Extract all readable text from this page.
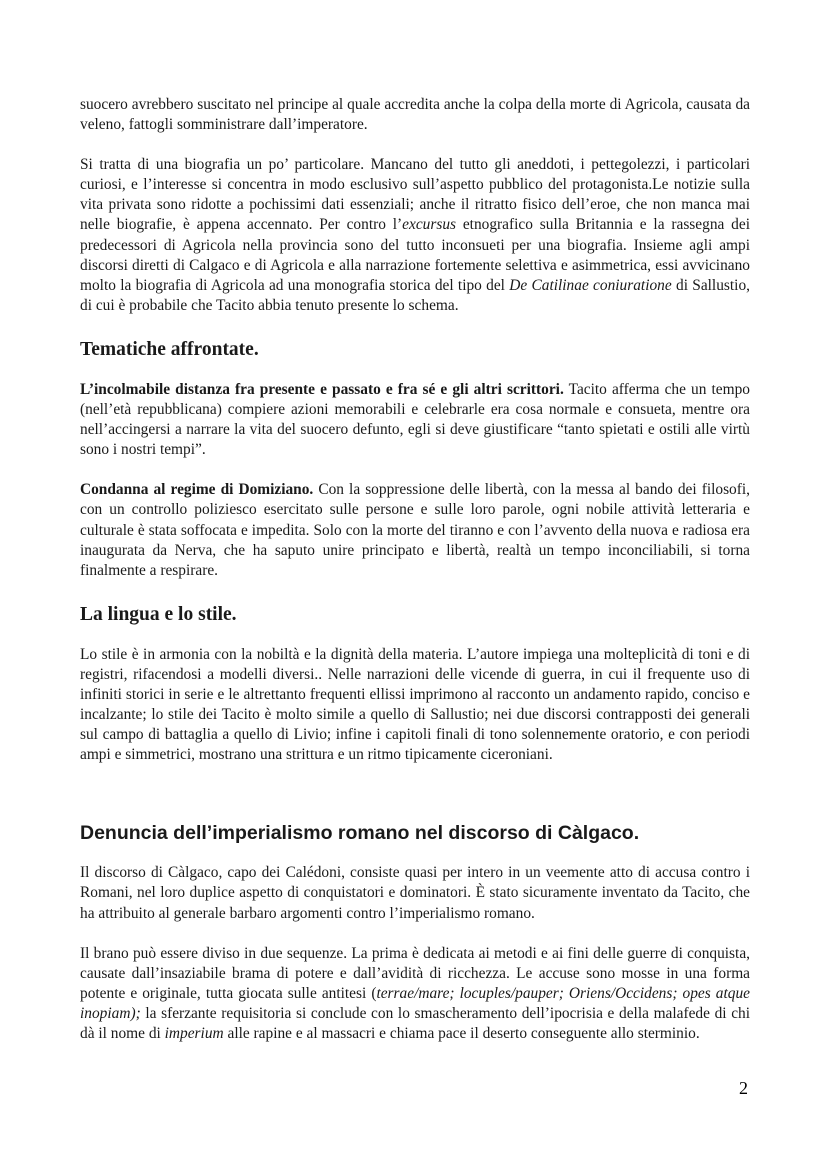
suocero avrebbero suscitato nel principe al quale accredita anche la colpa della morte di Agricola, causata da veleno, fattogli somministrare dall’imperatore.

Si tratta di una biografia un po’ particolare. Mancano del tutto gli aneddoti, i pettegolezzi, i particolari curiosi, e l’interesse si concentra in modo esclusivo sull’aspetto pubblico del protagonista.Le notizie sulla vita privata sono ridotte a pochissimi dati essenziali; anche il ritratto fisico dell’eroe, che non manca mai nelle biografie, è appena accennato. Per contro l’excursus etnografico sulla Britannia e la rassegna dei predecessori di Agricola nella provincia sono del tutto inconsueti per una biografia. Insieme agli ampi discorsi diretti di Calgaco e di Agricola e alla narrazione fortemente selettiva e asimmetrica, essi avvicinano molto la biografia di Agricola ad una monografia storica del tipo del De Catilinae coniuratione di Sallustio, di cui è probabile che Tacito abbia tenuto presente lo schema.

Tematiche affrontate.

L’incolmabile distanza fra presente e passato e fra sé e gli altri scrittori. Tacito afferma che un tempo (nell’età repubblicana) compiere azioni memorabili e celebrarle era cosa normale e consueta, mentre ora nell’accingersi a narrare la vita del suocero defunto, egli si deve giustificare “tanto spietati e ostili alle virtù sono i nostri tempi”.

Condanna al regime di Domiziano. Con la soppressione delle libertà, con la messa al bando dei filosofi, con un controllo poliziesco esercitato sulle persone e sulle loro parole, ogni nobile attività letteraria e culturale è stata soffocata e impedita. Solo con la morte del tiranno e con l’avvento della nuova e radiosa era inaugurata da Nerva, che ha saputo unire principato e libertà, realtà un tempo inconciliabili, si torna finalmente a respirare.

La lingua e lo stile.

Lo stile è in armonia con la nobiltà e la dignità della materia. L’autore impiega una molteplicità di toni e di registri, rifacendosi a modelli diversi.. Nelle narrazioni delle vicende di guerra, in cui il frequente uso di infiniti storici in serie e le altrettanto frequenti ellissi imprimono al racconto un andamento rapido, conciso e incalzante; lo stile dei Tacito è molto simile a quello di Sallustio; nei due discorsi contrapposti dei generali sul campo di battaglia a quello di Livio; infine i capitoli finali di tono solennemente oratorio, e con periodi ampi e simmetrici, mostrano una strittura e un ritmo tipicamente ciceroniani.

Denuncia dell’imperialismo romano nel discorso di Càlgaco.

Il discorso di Càlgaco, capo dei Calédoni, consiste quasi per intero in un veemente atto di accusa contro i Romani, nel loro duplice aspetto di conquistatori e dominatori. È stato sicuramente inventato da Tacito, che ha attribuito al generale barbaro argomenti contro l’imperialismo romano.

Il brano può essere diviso in due sequenze. La prima è dedicata ai metodi e ai fini delle guerre di conquista, causate dall’insaziabile brama di potere e dall’avidità di ricchezza. Le accuse sono mosse in una forma potente e originale, tutta giocata sulle antitesi (terrae/mare; locuples/pauper; Oriens/Occidens; opes atque inopiam); la sferzante requisitoria si conclude con lo smascheramento dell’ipocrisia e della malafede di chi dà il nome di imperium alle rapine e al massacri e chiama pace il deserto conseguente allo sterminio.

2
